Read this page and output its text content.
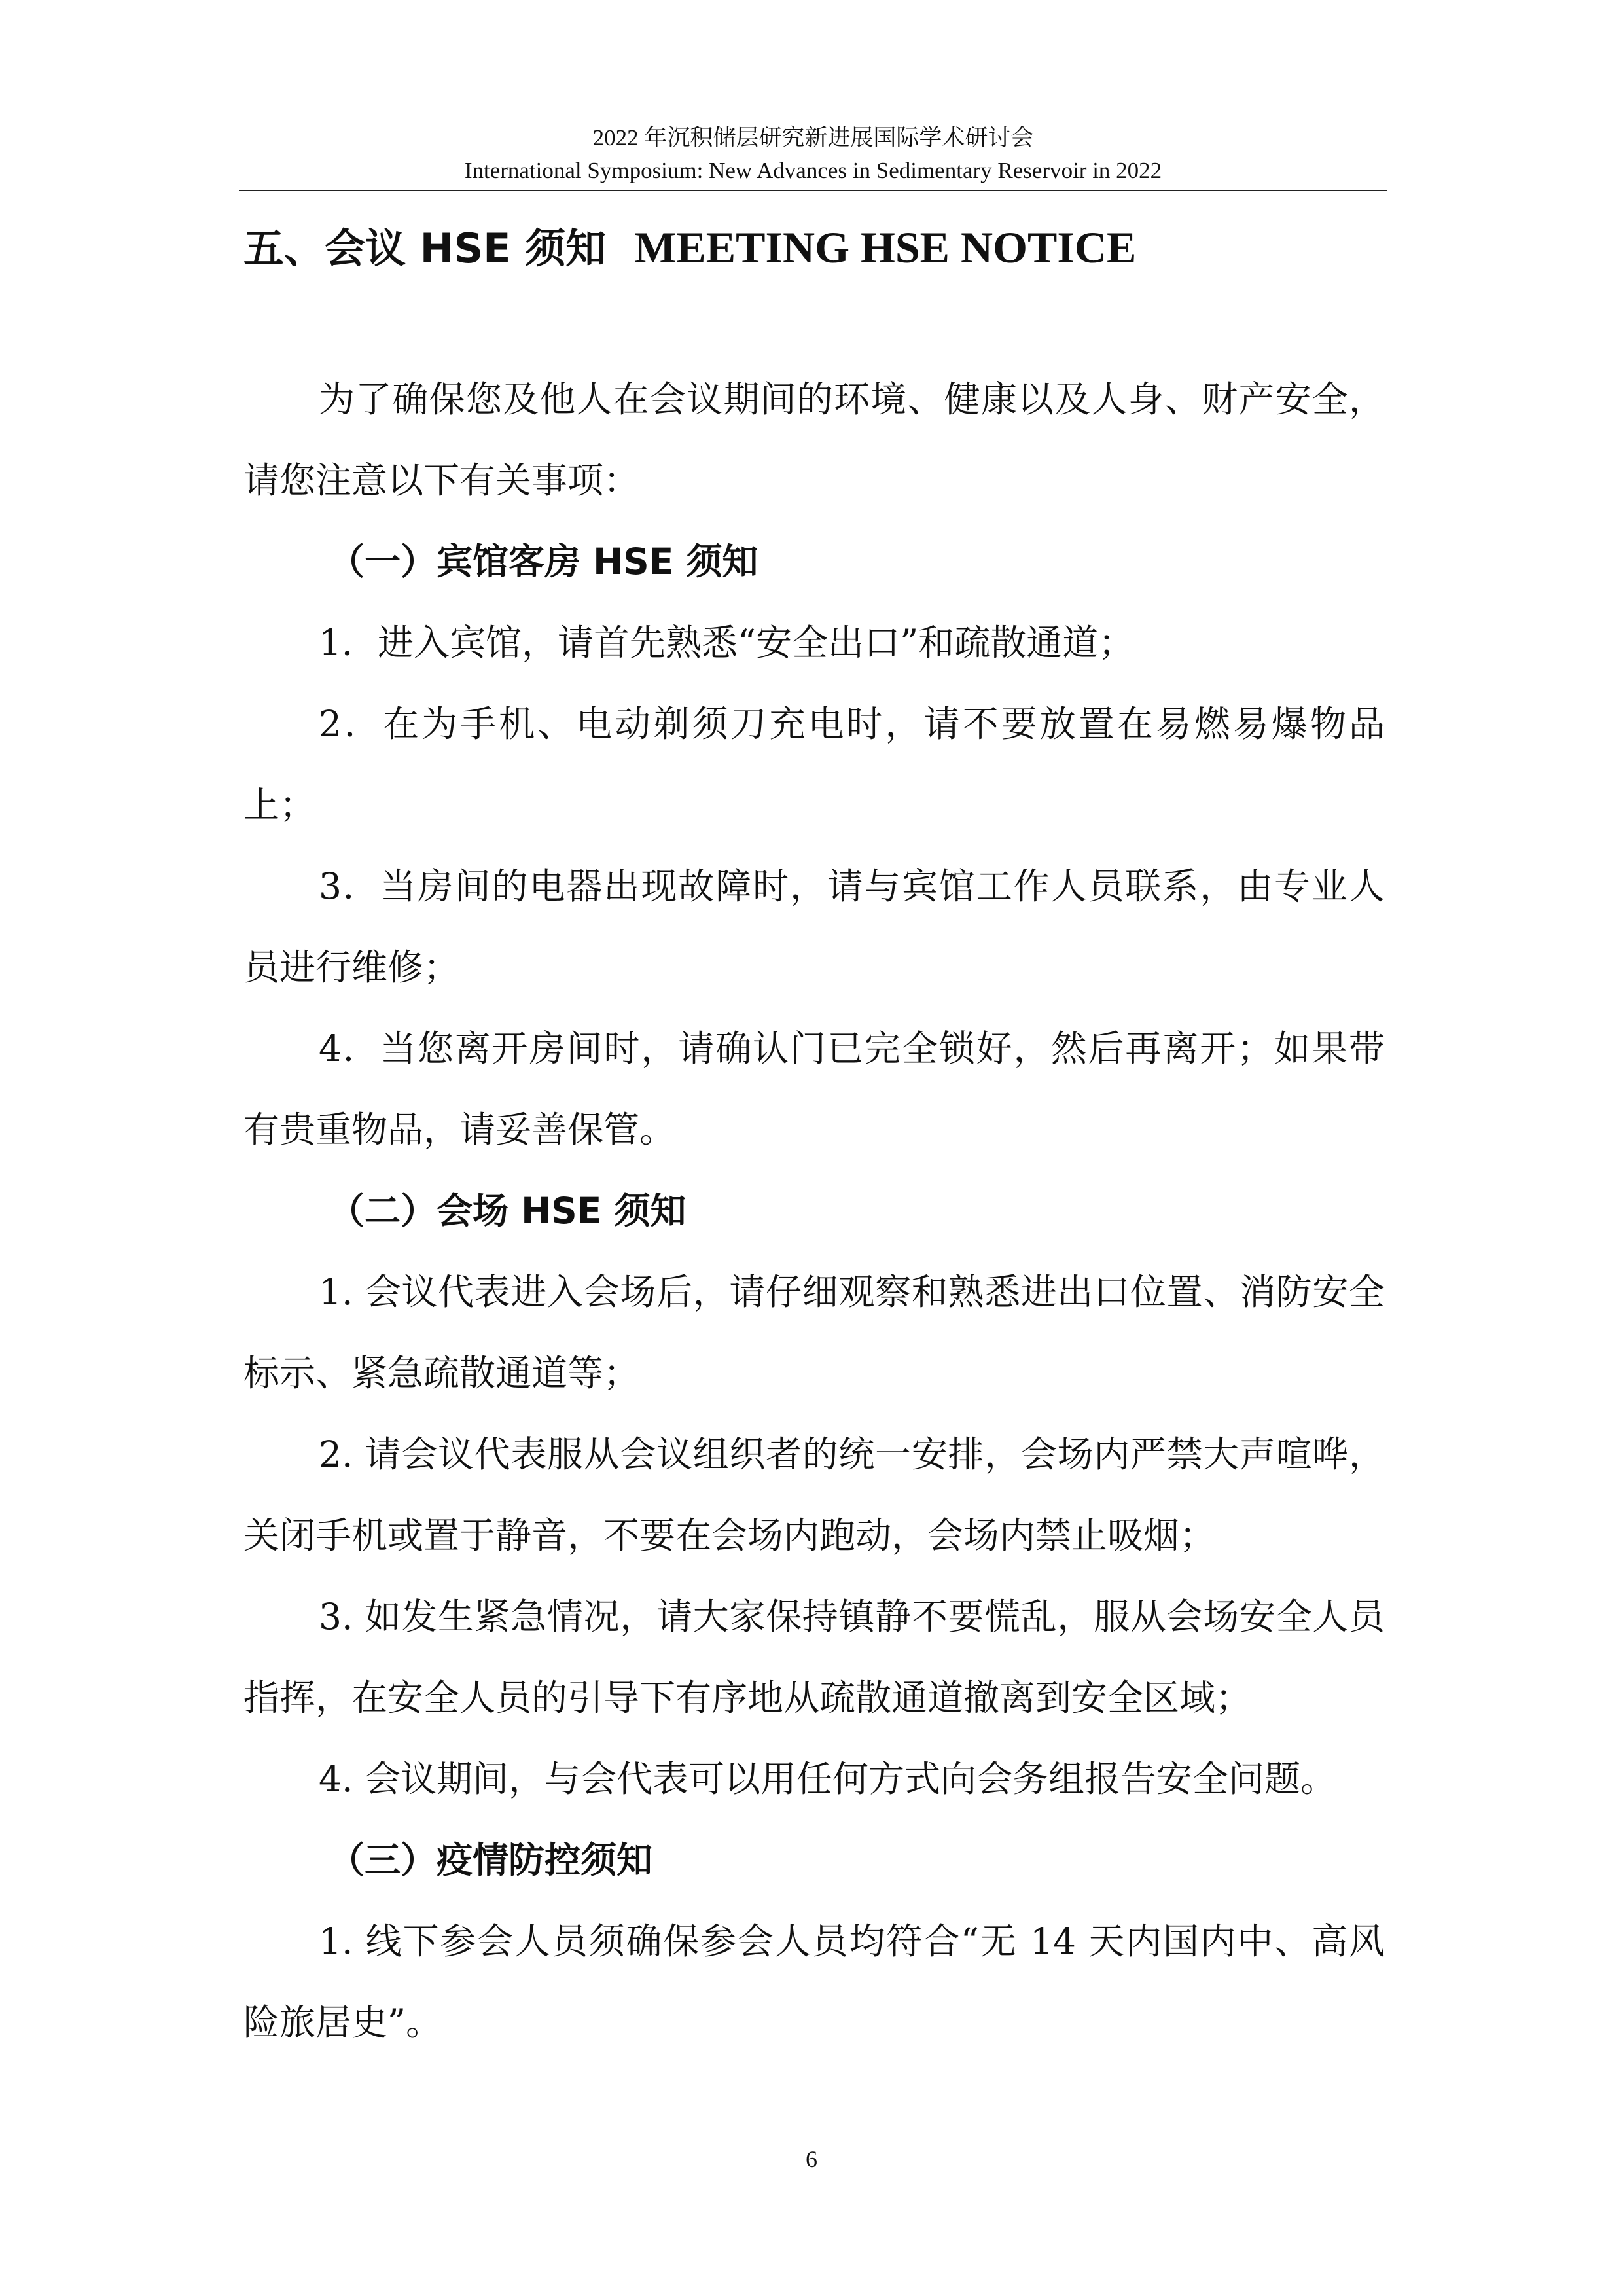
2022 年沉积储层研究新进展国际学术研讨会
International Symposium: New Advances in Sedimentary Reservoir in 2022
五、会议 HSE 须知 MEETING HSE NOTICE

为了确保您及他人在会议期间的环境、健康以及人身、财产安全，请您注意以下有关事项：

（一）宾馆客房 HSE 须知

1．进入宾馆，请首先熟悉“安全出口”和疏散通道；

2．在为手机、电动剃须刀充电时，请不要放置在易燃易爆物品上；

3．当房间的电器出现故障时，请与宾馆工作人员联系，由专业人员进行维修；

4．当您离开房间时，请确认门已完全锁好，然后再离开；如果带有贵重物品，请妥善保管。

（二）会场 HSE 须知

1. 会议代表进入会场后，请仔细观察和熟悉进出口位置、消防安全标示、紧急疏散通道等；

2. 请会议代表服从会议组织者的统一安排，会场内严禁大声喧哗，关闭手机或置于静音，不要在会场内跑动，会场内禁止吸烟；

3. 如发生紧急情况，请大家保持镇静不要慌乱，服从会场安全人员指挥，在安全人员的引导下有序地从疏散通道撤离到安全区域；

4. 会议期间，与会代表可以用任何方式向会务组报告安全问题。

（三）疫情防控须知

1. 线下参会人员须确保参会人员均符合“无 14 天内国内中、高风险旅居史”。

6
